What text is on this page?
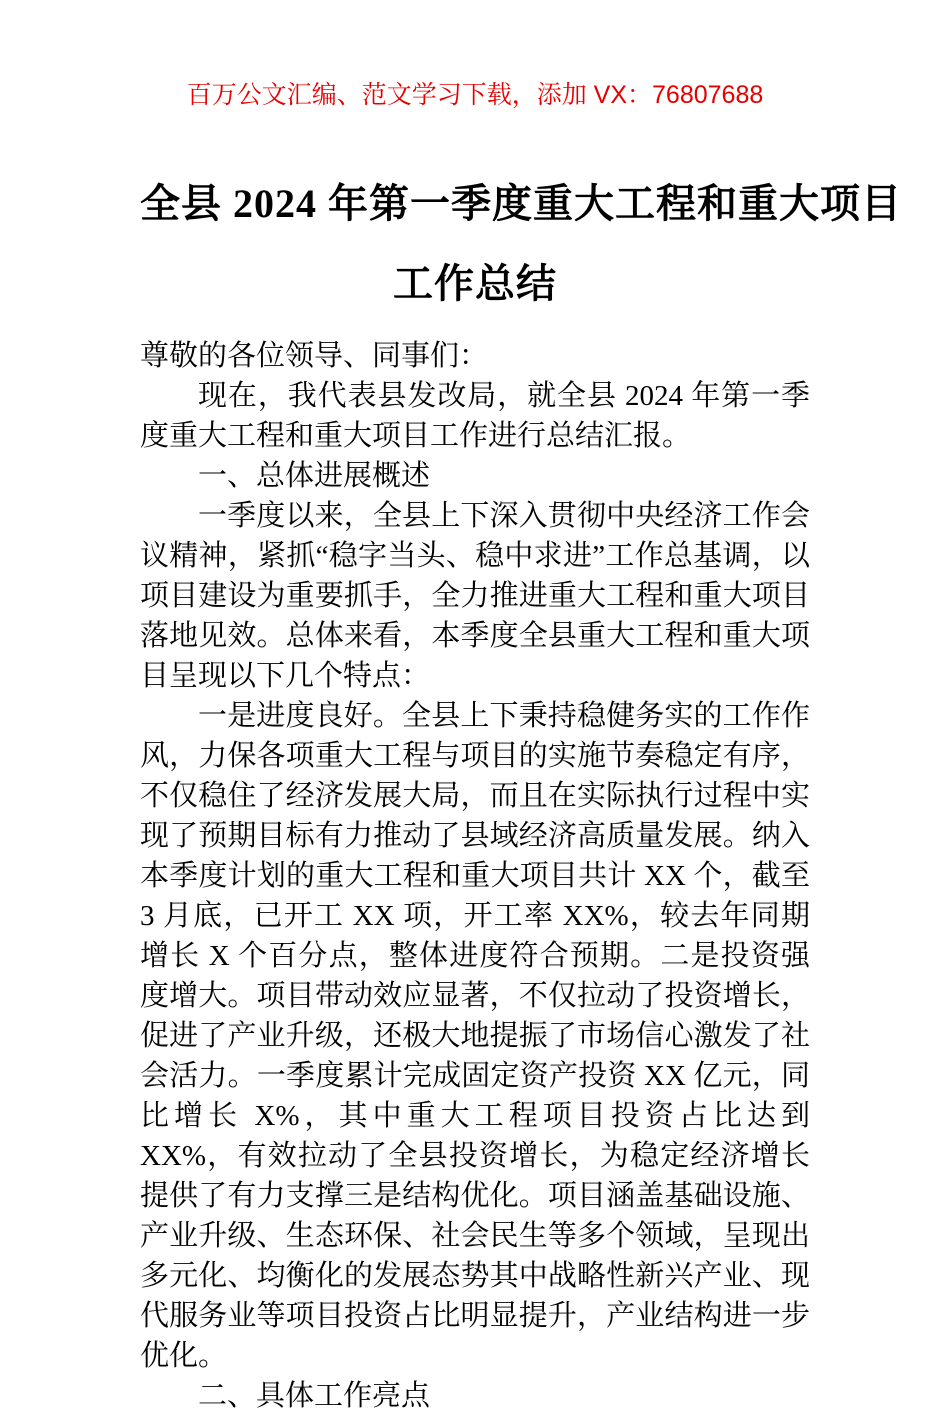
百万公文汇编、范文学习下载，添加 VX：76807688
全县 2024 年第一季度重大工程和重大项目
工作总结

尊敬的各位领导、同事们：

现在，我代表县发改局，就全县 2024 年第一季度重大工程和重大项目工作进行总结汇报。

一、总体进展概述

一季度以来，全县上下深入贯彻中央经济工作会议精神，紧抓“稳字当头、稳中求进”工作总基调，以项目建设为重要抓手，全力推进重大工程和重大项目落地见效。总体来看，本季度全县重大工程和重大项目呈现以下几个特点：

一是进度良好。全县上下秉持稳健务实的工作作风，力保各项重大工程与项目的实施节奏稳定有序，不仅稳住了经济发展大局，而且在实际执行过程中实现了预期目标有力推动了县域经济高质量发展。纳入本季度计划的重大工程和重大项目共计 XX 个，截至 3 月底，已开工 XX 项，开工率 XX%，较去年同期增长 X 个百分点，整体进度符合预期。二是投资强度增大。项目带动效应显著，不仅拉动了投资增长，促进了产业升级，还极大地提振了市场信心激发了社会活力。一季度累计完成固定资产投资 XX 亿元，同比增长 X%，其中重大工程项目投资占比达到 XX%，有效拉动了全县投资增长，为稳定经济增长提供了有力支撑三是结构优化。项目涵盖基础设施、产业升级、生态环保、社会民生等多个领域，呈现出多元化、均衡化的发展态势其中战略性新兴产业、现代服务业等项目投资占比明显提升，产业结构进一步优化。

二、具体工作亮点
